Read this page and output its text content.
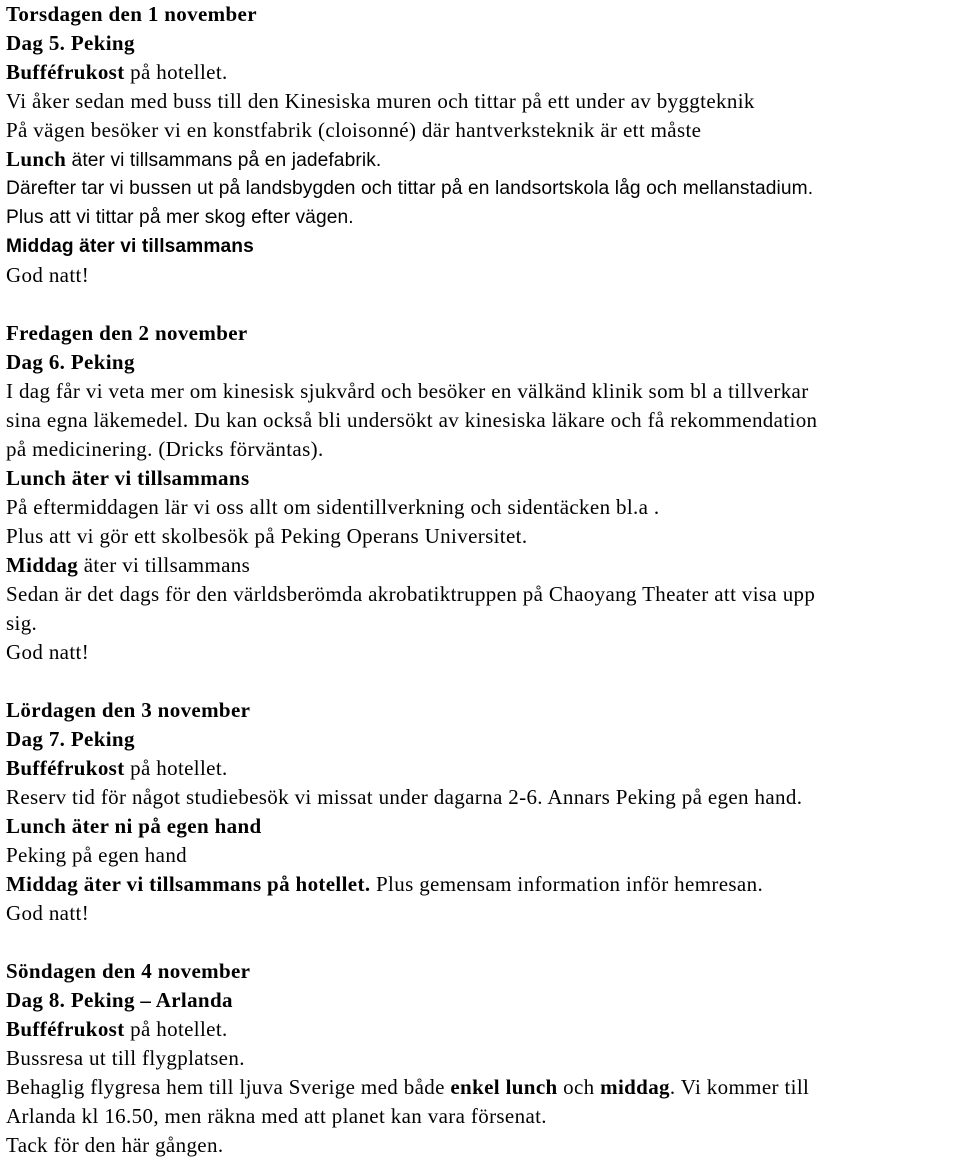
Torsdagen den 1 november
Dag 5. Peking
Bufféfrukost på hotellet.
Vi åker sedan med buss till den Kinesiska muren och tittar på ett under av byggteknik
På vägen besöker vi en konstfabrik (cloisonné) där hantverksteknik är ett måste
Lunch äter vi tillsammans på en jadefabrik.
Därefter tar vi bussen ut på landsbygden och tittar på en landsortskola låg och mellanstadium.
Plus att vi tittar på mer skog efter vägen.
Middag äter vi tillsammans
God natt!
Fredagen den 2 november
Dag 6. Peking
I dag får vi veta mer om kinesisk sjukvård och besöker en välkänd klinik som bl a tillverkar
sina egna läkemedel. Du kan också bli undersökt av kinesiska läkare och få rekommendation
på medicinering. (Dricks förväntas).
Lunch äter vi tillsammans
På eftermiddagen lär vi oss allt om sidentillverkning och sidentäcken bl.a .
Plus att vi gör ett skolbesök på Peking Operans Universitet.
Middag äter vi tillsammans
Sedan är det dags för den världsberömda akrobatiktruppen på Chaoyang Theater att visa upp
sig.
God natt!
Lördagen den 3 november
Dag 7. Peking
Bufféfrukost på hotellet.
Reserv tid för något studiebesök vi missat under dagarna 2-6. Annars Peking på egen hand.
Lunch äter ni på egen hand
Peking på egen hand
Middag äter vi tillsammans på hotellet. Plus gemensam information inför hemresan.
God natt!
Söndagen den 4 november
Dag 8. Peking – Arlanda
Bufféfrukost på hotellet.
Bussresa ut till flygplatsen.
Behaglig flygresa hem till ljuva Sverige med både enkel lunch och middag. Vi kommer till
Arlanda kl 16.50, men räkna med att planet kan vara försenat.
Tack för den här gången.
